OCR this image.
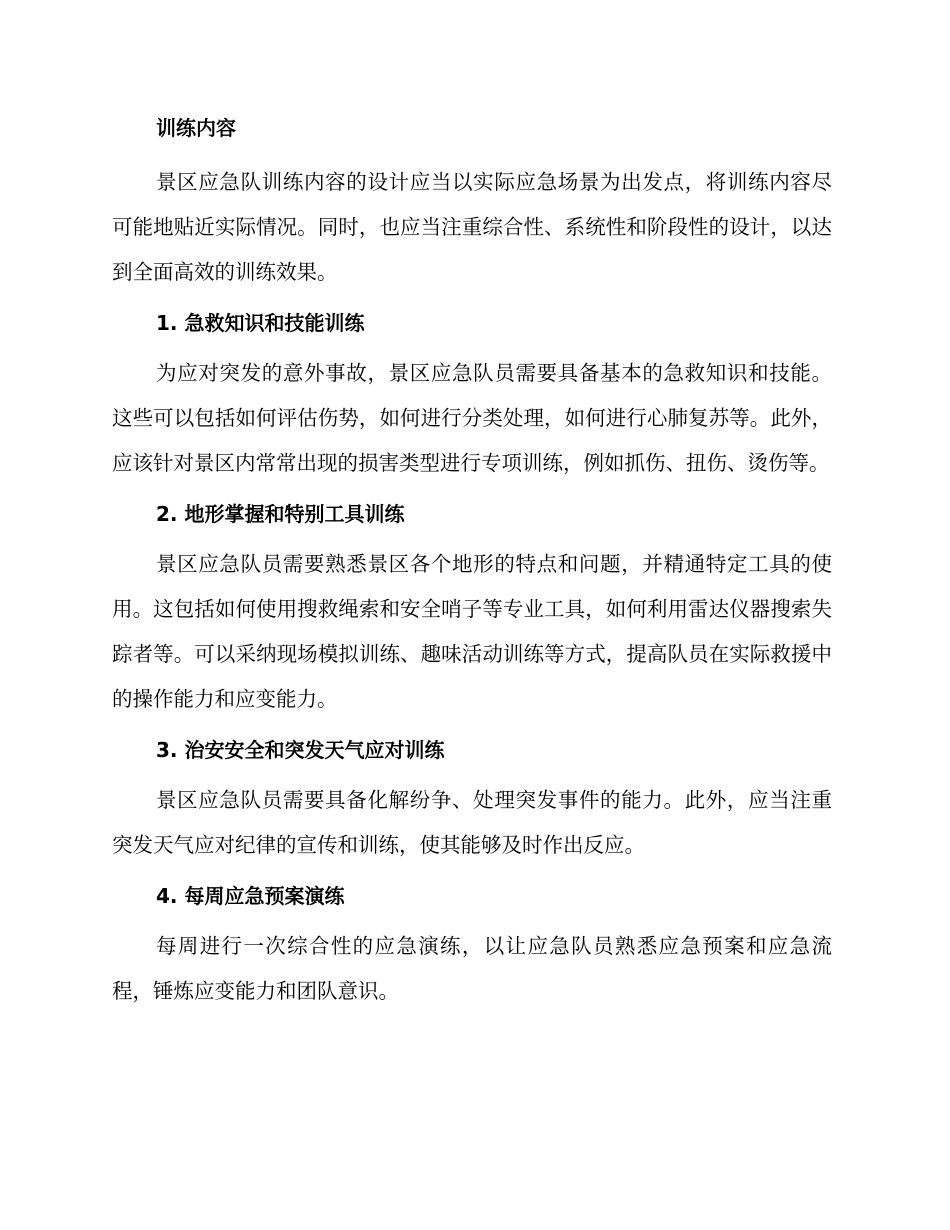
训练内容

景区应急队训练内容的设计应当以实际应急场景为出发点，将训练内容尽可能地贴近实际情况。同时，也应当注重综合性、系统性和阶段性的设计，以达到全面高效的训练效果。

1. 急救知识和技能训练

为应对突发的意外事故，景区应急队员需要具备基本的急救知识和技能。这些可以包括如何评估伤势，如何进行分类处理，如何进行心肺复苏等。此外，应该针对景区内常常出现的损害类型进行专项训练，例如抓伤、扭伤、烫伤等。

2. 地形掌握和特别工具训练

景区应急队员需要熟悉景区各个地形的特点和问题，并精通特定工具的使用。这包括如何使用搜救绳索和安全哨子等专业工具，如何利用雷达仪器搜索失踪者等。可以采纳现场模拟训练、趣味活动训练等方式，提高队员在实际救援中的操作能力和应变能力。

3. 治安安全和突发天气应对训练

景区应急队员需要具备化解纷争、处理突发事件的能力。此外，应当注重突发天气应对纪律的宣传和训练，使其能够及时作出反应。

4. 每周应急预案演练

每周进行一次综合性的应急演练，以让应急队员熟悉应急预案和应急流程，锤炼应变能力和团队意识。
